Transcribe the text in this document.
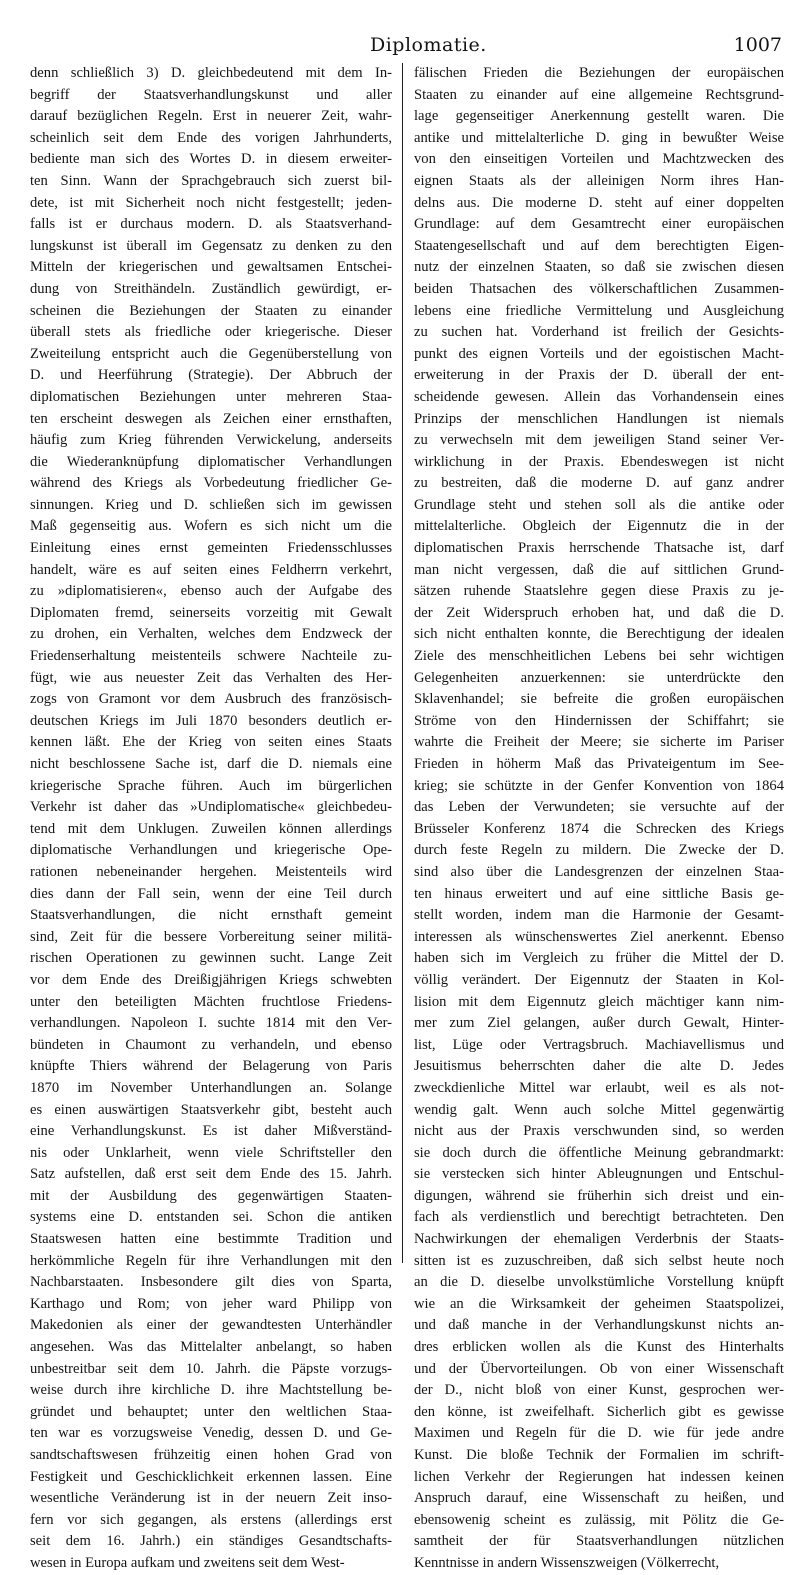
Diplomatie.	1007
denn schließlich 3) D. gleichbedeutend mit dem In-
begriff der Staatsverhandlungskunst und aller
darauf bezüglichen Regeln. Erst in neuerer Zeit, wahr-
scheinlich seit dem Ende des vorigen Jahrhunderts,
bediente man sich des Wortes D. in diesem erweiter-
ten Sinn. Wann der Sprachgebrauch sich zuerst bil-
dete, ist mit Sicherheit noch nicht festgestellt; jeden-
falls ist er durchaus modern. D. als Staatsverhand-
lungskunst ist überall im Gegensatz zu denken zu den
Mitteln der kriegerischen und gewaltsamen Entschei-
dung von Streithändeln. Zuständlich gewürdigt, er-
scheinen die Beziehungen der Staaten zu einander
überall stets als friedliche oder kriegerische. Dieser
Zweiteilung entspricht auch die Gegenüberstellung von
D. und Heerführung (Strategie). Der Abbruch der
diplomatischen Beziehungen unter mehreren Staa-
ten erscheint deswegen als Zeichen einer ernsthaften,
häufig zum Krieg führenden Verwickelung, anderseits
die Wiederanknüpfung diplomatischer Verhandlungen
während des Kriegs als Vorbedeutung friedlicher Ge-
sinnungen. Krieg und D. schließen sich im gewissen
Maß gegenseitig aus. Wofern es sich nicht um die
Einleitung eines ernst gemeinten Friedensschlusses
handelt, wäre es auf seiten eines Feldherrn verkehrt,
zu »diplomatisieren«, ebenso auch der Aufgabe des
Diplomaten fremd, seinerseits vorzeitig mit Gewalt
zu drohen, ein Verhalten, welches dem Endzweck der
Friedenserhaltung meistenteils schwere Nachteile zu-
fügt, wie aus neuester Zeit das Verhalten des Her-
zogs von Gramont vor dem Ausbruch des französisch-
deutschen Kriegs im Juli 1870 besonders deutlich er-
kennen läßt. Ehe der Krieg von seiten eines Staats
nicht beschlossene Sache ist, darf die D. niemals eine
kriegerische Sprache führen. Auch im bürgerlichen
Verkehr ist daher das »Undiplomatische« gleichbedeu-
tend mit dem Unklugen. Zuweilen können allerdings
diplomatische Verhandlungen und kriegerische Ope-
rationen nebeneinander hergehen. Meistenteils wird
dies dann der Fall sein, wenn der eine Teil durch
Staatsverhandlungen, die nicht ernsthaft gemeint
sind, Zeit für die bessere Vorbereitung seiner militä-
rischen Operationen zu gewinnen sucht. Lange Zeit
vor dem Ende des Dreißigjährigen Kriegs schwebten
unter den beteiligten Mächten fruchtlose Friedens-
verhandlungen. Napoleon I. suchte 1814 mit den Ver-
bündeten in Chaumont zu verhandeln, und ebenso
knüpfte Thiers während der Belagerung von Paris
1870 im November Unterhandlungen an. Solange
es einen auswärtigen Staatsverkehr gibt, besteht auch
eine Verhandlungskunst. Es ist daher Mißverständ-
nis oder Unklarheit, wenn viele Schriftsteller den
Satz aufstellen, daß erst seit dem Ende des 15. Jahrh.
mit der Ausbildung des gegenwärtigen Staaten-
systems eine D. entstanden sei. Schon die antiken
Staatswesen hatten eine bestimmte Tradition und
herkömmliche Regeln für ihre Verhandlungen mit den
Nachbarstaaten. Insbesondere gilt dies von Sparta,
Karthago und Rom; von jeher ward Philipp von
Makedonien als einer der gewandtesten Unterhändler
angesehen. Was das Mittelalter anbelangt, so haben
unbestreitbar seit dem 10. Jahrh. die Päpste vorzugs-
weise durch ihre kirchliche D. ihre Machtstellung be-
gründet und behauptet; unter den weltlichen Staa-
ten war es vorzugsweise Venedig, dessen D. und Ge-
sandtschaftswesen frühzeitig einen hohen Grad von
Festigkeit und Geschicklichkeit erkennen lassen. Eine
wesentliche Veränderung ist in der neuern Zeit inso-
fern vor sich gegangen, als erstens (allerdings erst
seit dem 16. Jahrh.) ein ständiges Gesandtschafts-
wesen in Europa aufkam und zweitens seit dem West-
fälischen Frieden die Beziehungen der europäischen
Staaten zu einander auf eine allgemeine Rechtsgrund-
lage gegenseitiger Anerkennung gestellt waren. Die
antike und mittelalterliche D. ging in bewußter Weise
von den einseitigen Vorteilen und Machtzwecken des
eignen Staats als der alleinigen Norm ihres Han-
delns aus. Die moderne D. steht auf einer doppelten
Grundlage: auf dem Gesamtrecht einer europäischen
Staatengesellschaft und auf dem berechtigten Eigen-
nutz der einzelnen Staaten, so daß sie zwischen diesen
beiden Thatsachen des völkerschaftlichen Zusammen-
lebens eine friedliche Vermittelung und Ausgleichung
zu suchen hat. Vorderhand ist freilich der Gesichts-
punkt des eignen Vorteils und der egoistischen Macht-
erweiterung in der Praxis der D. überall der ent-
scheidende gewesen. Allein das Vorhandensein eines
Prinzips der menschlichen Handlungen ist niemals
zu verwechseln mit dem jeweiligen Stand seiner Ver-
wirklichung in der Praxis. Ebendeswegen ist nicht
zu bestreiten, daß die moderne D. auf ganz andrer
Grundlage steht und stehen soll als die antike oder
mittelalterliche. Obgleich der Eigennutz die in der
diplomatischen Praxis herrschende Thatsache ist, darf
man nicht vergessen, daß die auf sittlichen Grund-
sätzen ruhende Staatslehre gegen diese Praxis zu je-
der Zeit Widerspruch erhoben hat, und daß die D.
sich nicht enthalten konnte, die Berechtigung der idealen
Ziele des menschheitlichen Lebens bei sehr wichtigen
Gelegenheiten anzuerkennen: sie unterdrückte den
Sklavenhandel; sie befreite die großen europäischen
Ströme von den Hindernissen der Schiffahrt; sie
wahrte die Freiheit der Meere; sie sicherte im Pariser
Frieden in höherm Maß das Privateigentum im See-
krieg; sie schützte in der Genfer Konvention von 1864
das Leben der Verwundeten; sie versuchte auf der
Brüsseler Konferenz 1874 die Schrecken des Kriegs
durch feste Regeln zu mildern. Die Zwecke der D.
sind also über die Landesgrenzen der einzelnen Staa-
ten hinaus erweitert und auf eine sittliche Basis ge-
stellt worden, indem man die Harmonie der Gesamt-
interessen als wünschenswertes Ziel anerkennt. Ebenso
haben sich im Vergleich zu früher die Mittel der D.
völlig verändert. Der Eigennutz der Staaten in Kol-
lision mit dem Eigennutz gleich mächtiger kann nim-
mer zum Ziel gelangen, außer durch Gewalt, Hinter-
list, Lüge oder Vertragsbruch. Machiavellismus und
Jesuitismus beherrschten daher die alte D. Jedes
zweckdienliche Mittel war erlaubt, weil es als not-
wendig galt. Wenn auch solche Mittel gegenwärtig
nicht aus der Praxis verschwunden sind, so werden
sie doch durch die öffentliche Meinung gebrandmarkt:
sie verstecken sich hinter Ableugnungen und Entschul-
digungen, während sie früherhin sich dreist und ein-
fach als verdienstlich und berechtigt betrachteten. Den
Nachwirkungen der ehemaligen Verderbnis der Staats-
sitten ist es zuzuschreiben, daß sich selbst heute noch
an die D. dieselbe unvolkstümliche Vorstellung knüpft
wie an die Wirksamkeit der geheimen Staatspolizei,
und daß manche in der Verhandlungskunst nichts an-
dres erblicken wollen als die Kunst des Hinterhalts
und der Übervorteilungen. Ob von einer Wissenschaft
der D., nicht bloß von einer Kunst, gesprochen wer-
den könne, ist zweifelhaft. Sicherlich gibt es gewisse
Maximen und Regeln für die D. wie für jede andre
Kunst. Die bloße Technik der Formalien im schrift-
lichen Verkehr der Regierungen hat indessen keinen
Anspruch darauf, eine Wissenschaft zu heißen, und
ebensowenig scheint es zulässig, mit Pölitz die Ge-
samtheit der für Staatsverhandlungen nützlichen
Kenntnisse in andern Wissenszweigen (Völkerrecht,
